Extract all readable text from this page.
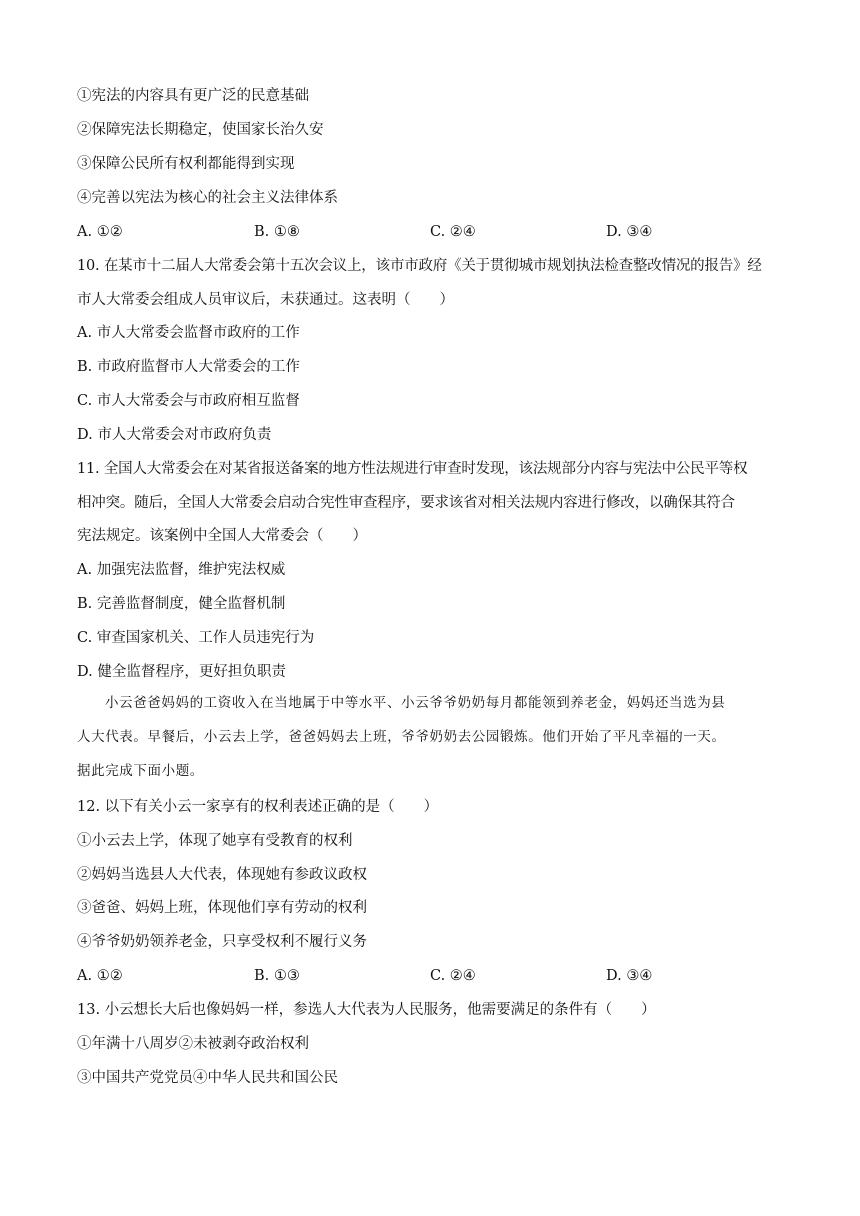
①宪法的内容具有更广泛的民意基础
②保障宪法长期稳定，使国家长治久安
③保障公民所有权利都能得到实现
④完善以宪法为核心的社会主义法律体系
A. ①②	B. ①⑧	C. ②④	D. ③④
10. 在某市十二届人大常委会第十五次会议上，该市市政府《关于贯彻城市规划执法检查整改情况的报告》经
市人大常委会组成人员审议后，未获通过。这表明（　　）
A. 市人大常委会监督市政府的工作
B. 市政府监督市人大常委会的工作
C. 市人大常委会与市政府相互监督
D. 市人大常委会对市政府负责
11. 全国人大常委会在对某省报送备案的地方性法规进行审查时发现，该法规部分内容与宪法中公民平等权
相冲突。随后，全国人大常委会启动合宪性审查程序，要求该省对相关法规内容进行修改，以确保其符合
宪法规定。该案例中全国人大常委会（　　）
A. 加强宪法监督，维护宪法权威
B. 完善监督制度，健全监督机制
C. 审查国家机关、工作人员违宪行为
D. 健全监督程序，更好担负职责
小云爸爸妈妈的工资收入在当地属于中等水平、小云爷爷奶奶每月都能领到养老金，妈妈还当选为县
人大代表。早餐后，小云去上学，爸爸妈妈去上班，爷爷奶奶去公园锻炼。他们开始了平凡幸福的一天。
据此完成下面小题。
12. 以下有关小云一家享有的权利表述正确的是（　　）
①小云去上学，体现了她享有受教育的权利
②妈妈当选县人大代表，体现她有参政议政权
③爸爸、妈妈上班，体现他们享有劳动的权利
④爷爷奶奶领养老金，只享受权利不履行义务
A. ①②	B. ①③	C. ②④	D. ③④
13. 小云想长大后也像妈妈一样，参选人大代表为人民服务，他需要满足的条件有（　　）
①年满十八周岁②未被剥夺政治权利
③中国共产党党员④中华人民共和国公民
